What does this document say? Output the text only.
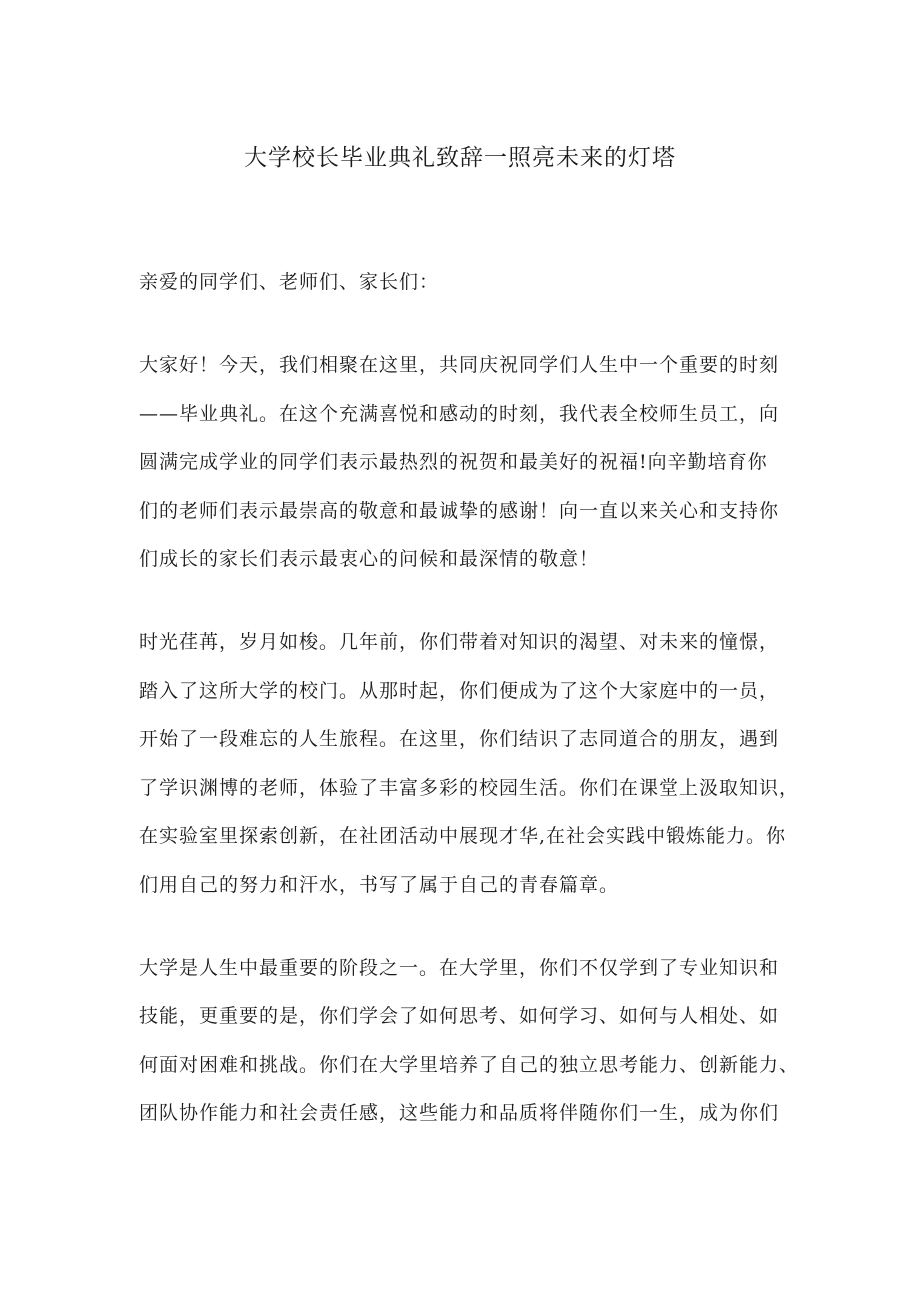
大学校长毕业典礼致辞一照亮未来的灯塔

亲爱的同学们、老师们、家长们：

大家好！今天，我们相聚在这里，共同庆祝同学们人生中一个重要的时刻
——毕业典礼。在这个充满喜悦和感动的时刻，我代表全校师生员工，向
圆满完成学业的同学们表示最热烈的祝贺和最美好的祝福!向辛勤培育你
们的老师们表示最崇高的敬意和最诚挚的感谢！向一直以来关心和支持你
们成长的家长们表示最衷心的问候和最深情的敬意！

时光荏苒，岁月如梭。几年前，你们带着对知识的渴望、对未来的憧憬，
踏入了这所大学的校门。从那时起，你们便成为了这个大家庭中的一员，
开始了一段难忘的人生旅程。在这里，你们结识了志同道合的朋友，遇到
了学识渊博的老师，体验了丰富多彩的校园生活。你们在课堂上汲取知识，
在实验室里探索创新，在社团活动中展现才华,在社会实践中锻炼能力。你
们用自己的努力和汗水，书写了属于自己的青春篇章。

大学是人生中最重要的阶段之一。在大学里，你们不仅学到了专业知识和
技能，更重要的是，你们学会了如何思考、如何学习、如何与人相处、如
何面对困难和挑战。你们在大学里培养了自己的独立思考能力、创新能力、
团队协作能力和社会责任感，这些能力和品质将伴随你们一生，成为你们
